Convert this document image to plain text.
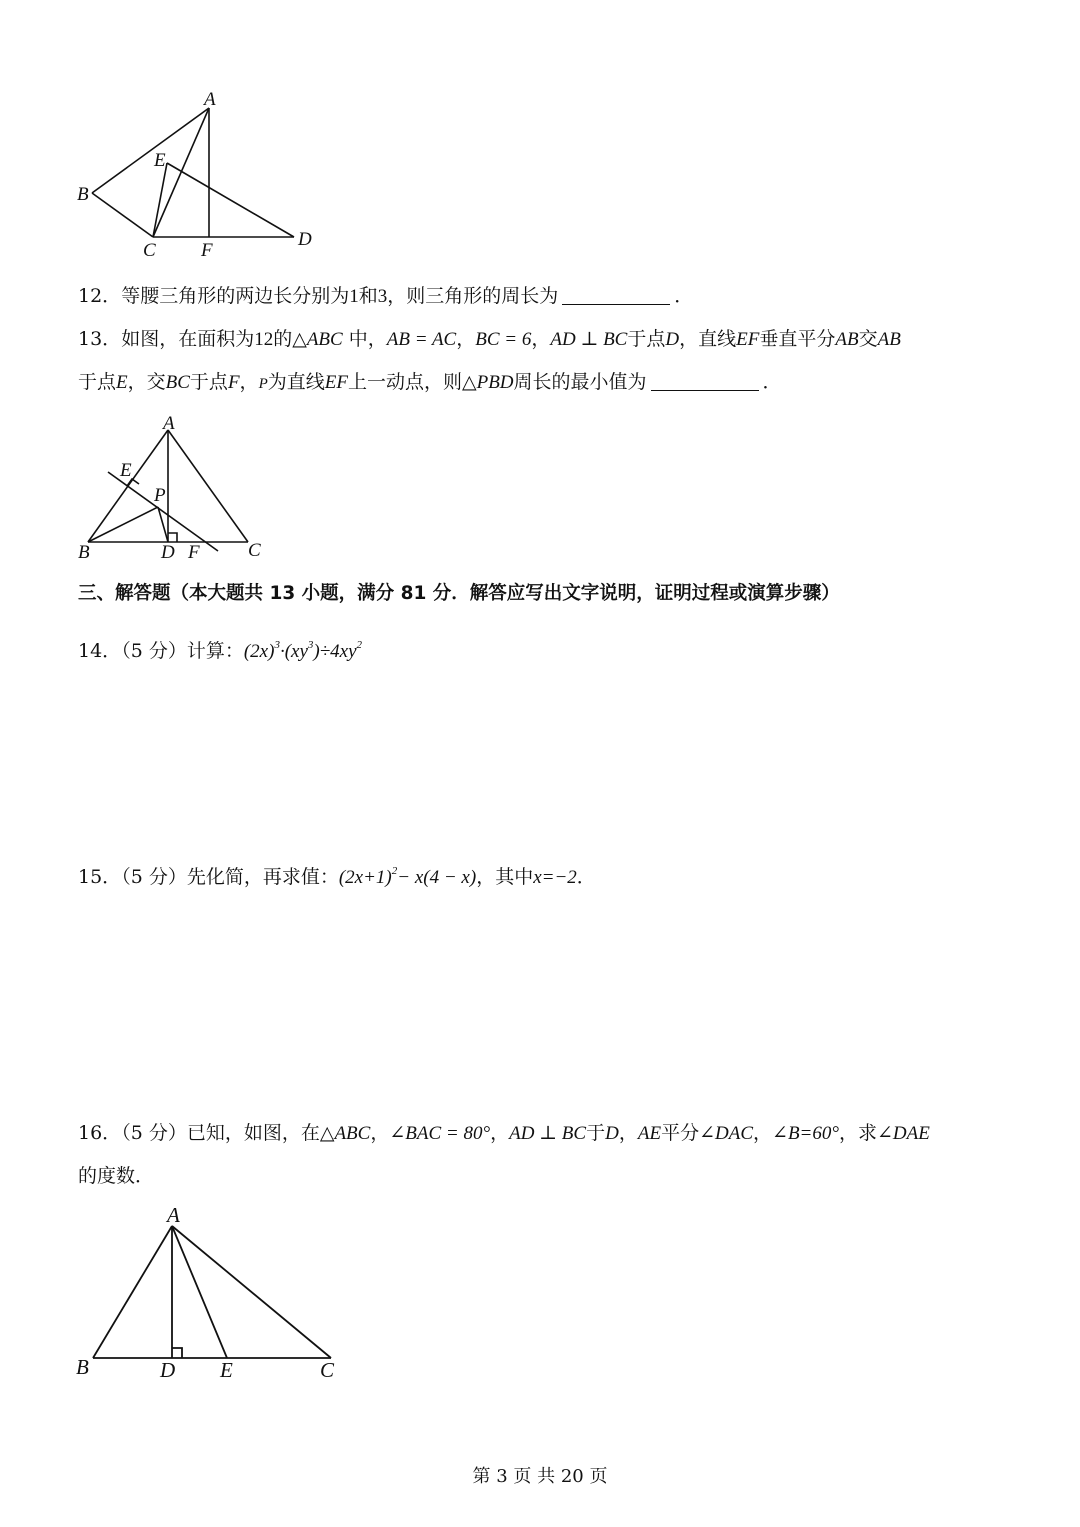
A
B
C
D
E
F
12．等腰三角形的两边长分别为1和3，则三角形的周长为	．
13．如图，在面积为12的△ABC 中，AB = AC，BC = 6，AD ⊥ BC于点D，直线EF垂直平分AB交AB
于点E，交BC于点F，P为直线EF上一动点，则△PBD周长的最小值为	．
A
B	C
D
E
F
P
三、解答题（本大题共 13 小题，满分 81 分．解答应写出文字说明，证明过程或演算步骤）
14．（5 分）计算：$(2x)^3\cdot(xy^3)\div 4xy^2$
15．（5 分）先化简，再求值：$(2x+1)^2- x(4 - x)$，其中x=−2．
16．（5 分）已知，如图，在△ABC，∠BAC = 80°，AD ⊥ BC于D，AE平分∠DAC，∠B=60°，求∠DAE
的度数．
A
B	C
D E
第 3 页 共 20 页
